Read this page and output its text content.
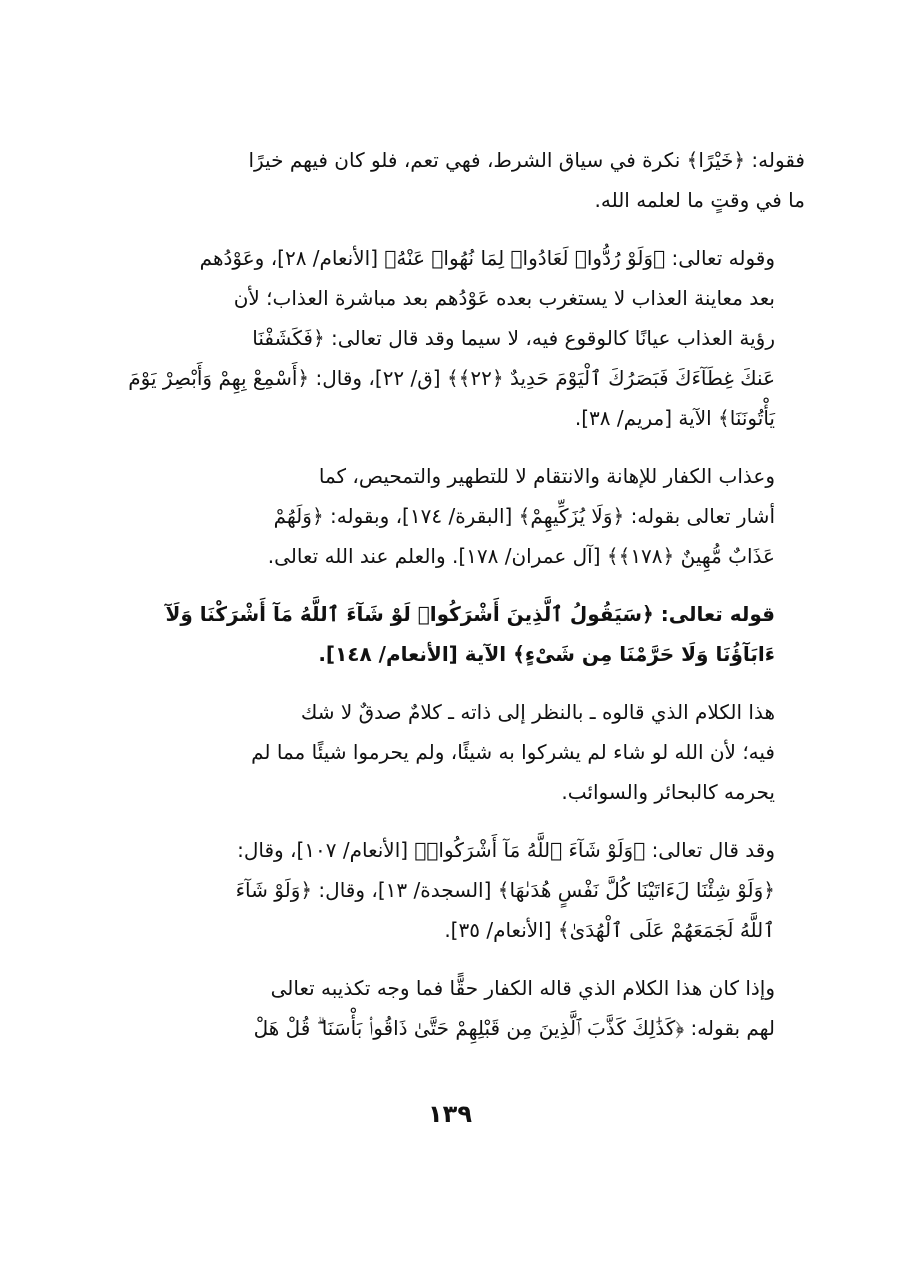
فقوله: ﴿خَيْرًا﴾ نكرة في سياق الشرط، فهي تعم، فلو كان فيهم خيرًا
ما في وقتٍ ما لعلمه الله.

وقوله تعالى: ﴿وَلَوْ رُدُّوا۟ لَعَادُوا۟ لِمَا نُهُوا۟ عَنْهُ﴾ [الأنعام/ ٢٨]، وعَوْدُهم
بعد معاينة العذاب لا يستغرب بعده عَوْدُهم بعد مباشرة العذاب؛ لأن
رؤية العذاب عيانًا كالوقوع فيه، لا سيما وقد قال تعالى: ﴿فَكَشَفْنَا
عَنكَ غِطَآءَكَ فَبَصَرُكَ ٱلْيَوْمَ حَدِيدٌ ﴿٢٢﴾﴾ [ق/ ٢٢]، وقال: ﴿أَسْمِعْ بِهِمْ وَأَبْصِرْ يَوْمَ
يَأْتُونَنَا﴾ الآية [مريم/ ٣٨].

وعذاب الكفار للإهانة والانتقام لا للتطهير والتمحيص، كما
أشار تعالى بقوله: ﴿وَلَا يُزَكِّيهِمْ﴾ [البقرة/ ١٧٤]، وبقوله: ﴿وَلَهُمْ
عَذَابٌ مُّهِينٌ ﴿١٧٨﴾﴾ [آل عمران/ ١٧٨]. والعلم عند الله تعالى.

قوله تعالى: ﴿سَيَقُولُ ٱلَّذِينَ أَشْرَكُوا۟ لَوْ شَآءَ ٱللَّهُ مَآ أَشْرَكْنَا وَلَآ
ءَابَآؤُنَا وَلَا حَرَّمْنَا مِن شَىْءٍ﴾ الآية [الأنعام/ ١٤٨].

هذا الكلام الذي قالوه ـ بالنظر إلى ذاته ـ كلامٌ صدقٌ لا شك
فيه؛ لأن الله لو شاء لم يشركوا به شيئًا، ولم يحرموا شيئًا مما لم
يحرمه كالبحائر والسوائب.

وقد قال تعالى: ﴿وَلَوْ شَآءَ ٱللَّهُ مَآ أَشْرَكُوا۟﴾ [الأنعام/ ١٠٧]، وقال:
﴿وَلَوْ شِئْنَا لَءَاتَيْنَا كُلَّ نَفْسٍ هُدَىٰهَا﴾ [السجدة/ ١٣]، وقال: ﴿وَلَوْ شَآءَ
ٱللَّهُ لَجَمَعَهُمْ عَلَى ٱلْهُدَىٰ﴾ [الأنعام/ ٣٥].

وإذا كان هذا الكلام الذي قاله الكفار حقًّا فما وجه تكذيبه تعالى
لهم بقوله: ﴿كَذَٰلِكَ كَذَّبَ ٱلَّذِينَ مِن قَبْلِهِمْ حَتَّىٰ ذَاقُوا۟ بَأْسَنَا ۗ قُلْ هَلْ

١٣٩
